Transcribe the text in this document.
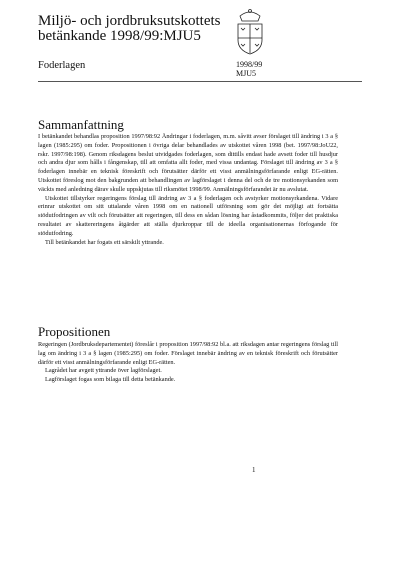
Miljö- och jordbruksutskottets betänkande 1998/99:MJU5
Foderlagen	1998/99
MJU5
Sammanfattning

I betänkandet behandlas proposition 1997/98:92 Ändringar i foderlagen, m.m. såvitt avser förslaget till ändring i 3 a § lagen (1985:295) om foder. Propositionen i övriga delar behandlades av utskottet våren 1998 (bet. 1997/98:JoU22, rskr. 1997/98:198). Genom riksdagens beslut utvidgades foderlagen, som dittills endast hade avsett foder till husdjur och andra djur som hålls i fångenskap, till att omfatta allt foder, med vissa undantag. Förslaget till ändring av 3 a § foderlagen innebär en teknisk föreskrift och förutsätter därför ett visst anmälningsförfarande enligt EG-rätten. Utskottet föreslog mot den bakgrunden att behandlingen av lagförslaget i denna del och de tre motionsyrkanden som väckts med anledning därav skulle uppskjutas till riksmötet 1998/99. Anmälningsförfarandet är nu avslutat.

Utskottet tillstyrker regeringens förslag till ändring av 3 a § foderlagen och avstyrker motionsyrkandena. Vidare erinrar utskottet om sitt uttalande våren 1998 om en nationell utförsning som gör det möjligt att fortsätta stödutfodringen av vilt och förutsätter att regeringen, till dess en sådan lösning har åstadkommits, följer det praktiska resultatet av skattereringens åtgärder att ställa djurkroppar till de ideella organisationernas förfogande för stödutfodring.

Till betänkandet har fogats ett särskilt yttrande.

Propositionen

Regeringen (Jordbruksdepartementet) föreslår i proposition 1997/98:92 bl.a. att riksdagen antar regeringens förslag till lag om ändring i 3 a § lagen (1985:295) om foder. Förslaget innebär ändring av en teknisk föreskrift och förutsätter därför ett visst anmälningsförfarande enligt EG-rätten.

Lagrådet har avgett yttrande över lagförslaget.

Lagförslaget fogas som bilaga till detta betänkande.

1
